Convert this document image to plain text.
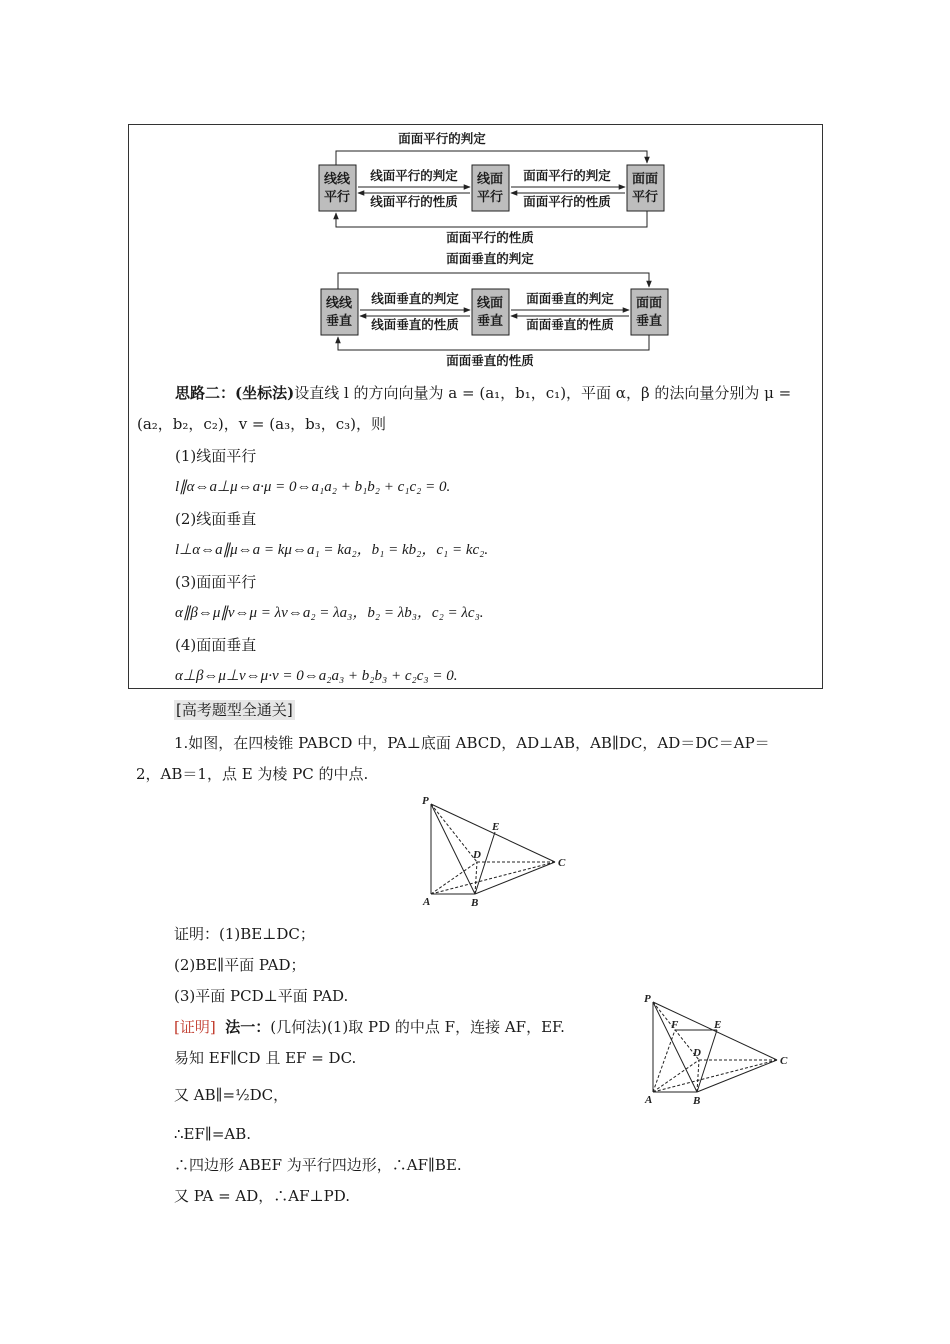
面面平行的判定
线线
平行
线面
平行
面面
平行
线面平行的判定
线面平行的性质
面面平行的判定
面面平行的性质
面面平行的性质
面面垂直的判定
线线
垂直
线面
垂直
面面
垂直
线面垂直的判定
线面垂直的性质
面面垂直的判定
面面垂直的性质
面面垂直的性质
思路二：(坐标法)设直线 l 的方向向量为 a = (a₁，b₁，c₁)，平面 α，β 的法向量分别为 μ =
(a₂，b₂，c₂)，v = (a₃，b₃，c₃)，则
(1)线面平行
l∥α⇔a⊥μ⇔a·μ = 0⇔a₁a₂ + b₁b₂ + c₁c₂ = 0.
(2)线面垂直
l⊥α⇔a∥μ⇔a = kμ⇔a₁ = ka₂，b₁ = kb₂，c₁ = kc₂.
(3)面面平行
α∥β⇔μ∥v⇔μ = λv⇔a₂ = λa₃，b₂ = λb₃，c₂ = λc₃.
(4)面面垂直
α⊥β⇔μ⊥v⇔μ·v = 0⇔a₂a₃ + b₂b₃ + c₂c₃ = 0.
[高考题型全通关]
1.如图，在四棱锥 PABCD 中，PA⊥底面 ABCD，AD⊥AB，AB∥DC，AD＝DC＝AP＝
2，AB＝1，点 E 为棱 PC 的中点.
P
E
D
C
A	B
证明：(1)BE⊥DC；
(2)BE∥平面 PAD；
(3)平面 PCD⊥平面 PAD.
[证明] 法一：(几何法)(1)取 PD 的中点 F，连接 AF，EF.
易知 EF∥CD 且 EF = DC.
又 AB∥=½DC，
∴EF∥=AB.
∴四边形 ABEF 为平行四边形，∴AF∥BE.
又 PA = AD，∴AF⊥PD.
P
F	E
D
C
A	B
